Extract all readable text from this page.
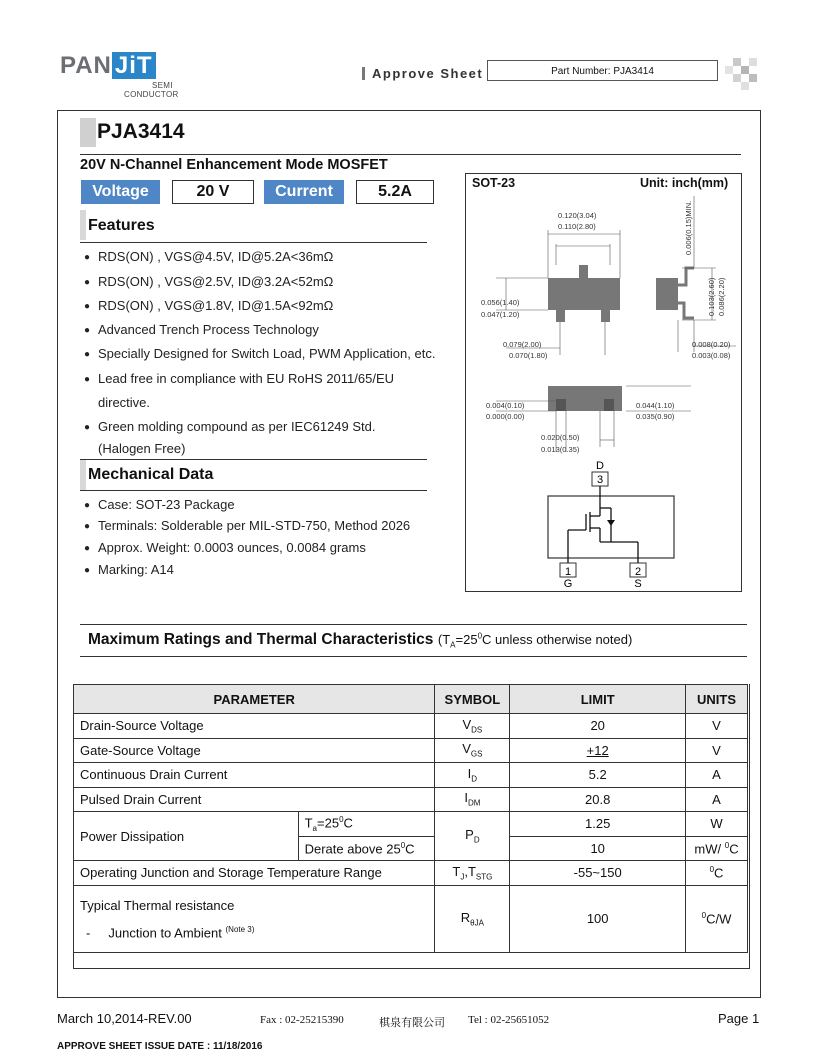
PAN JiT
SEMI
CONDUCTOR
Approve Sheet	Part Number: PJA3414
PJA3414
20V N-Channel Enhancement Mode MOSFET
Voltage	20 V	Current	5.2A
Features
● RDS(ON) , VGS@4.5V, ID@5.2A<36mΩ
● RDS(ON) , VGS@2.5V, ID@3.2A<52mΩ
● RDS(ON) , VGS@1.8V, ID@1.5A<92mΩ
● Advanced Trench Process Technology
● Specially Designed for Switch Load, PWM Application, etc.
● Lead free in compliance with EU RoHS 2011/65/EU
directive.
● Green molding compound as per IEC61249 Std.
(Halogen Free)
Mechanical Data
● Case: SOT-23 Package
● Terminals: Solderable per MIL-STD-750, Method 2026
● Approx. Weight: 0.0003 ounces, 0.0084 grams
● Marking: A14
SOT-23	Unit: inch(mm)
D
3
1
G
2
S
0.120(3.04)
0.110(2.80)
0.056(1.40)
0.047(1.20)
0.079(2.00)
0.070(1.80)
0.006(0.15)MIN.
0.103(2.60) 0.086(2.20)
0.008(0.20)
0.003(0.08)
0.004(0.10)
0.000(0.00)
0.044(1.10)
0.035(0.90)
0.020(0.50)
0.013(0.35)
Maximum Ratings and Thermal Characteristics ($T_A=25^0C$ unless otherwise noted)
PARAMETER		SYMBOL	LIMIT	UNITS
Drain-Source Voltage		$V_{DS}$	20	V
Gate-Source Voltage		$V_{GS}$	+12	V
Continuous Drain Current		$I_D$	5.2	A
Pulsed Drain Current		$I_{DM}$	20.8	A
Power Dissipation	$T_a=25^0C$	$P_D$	1.25	W
	Derate above $25^0C$		10	mW/ $^0$C
Operating Junction and Storage Temperature Range		$T_J,T_{STG}$	-55~150	$^0$C

Typical Thermal resistance
- Junction to Ambient $^{(Note 3)}$		$R_{\theta JA}$	100	$^0$C/W
March 10,2014-REV.00	Fax : 02-25215390	棋泉有限公司 Tel : 02-25651052	Page 1
APPROVE SHEET ISSUE DATE : 11/18/2016
